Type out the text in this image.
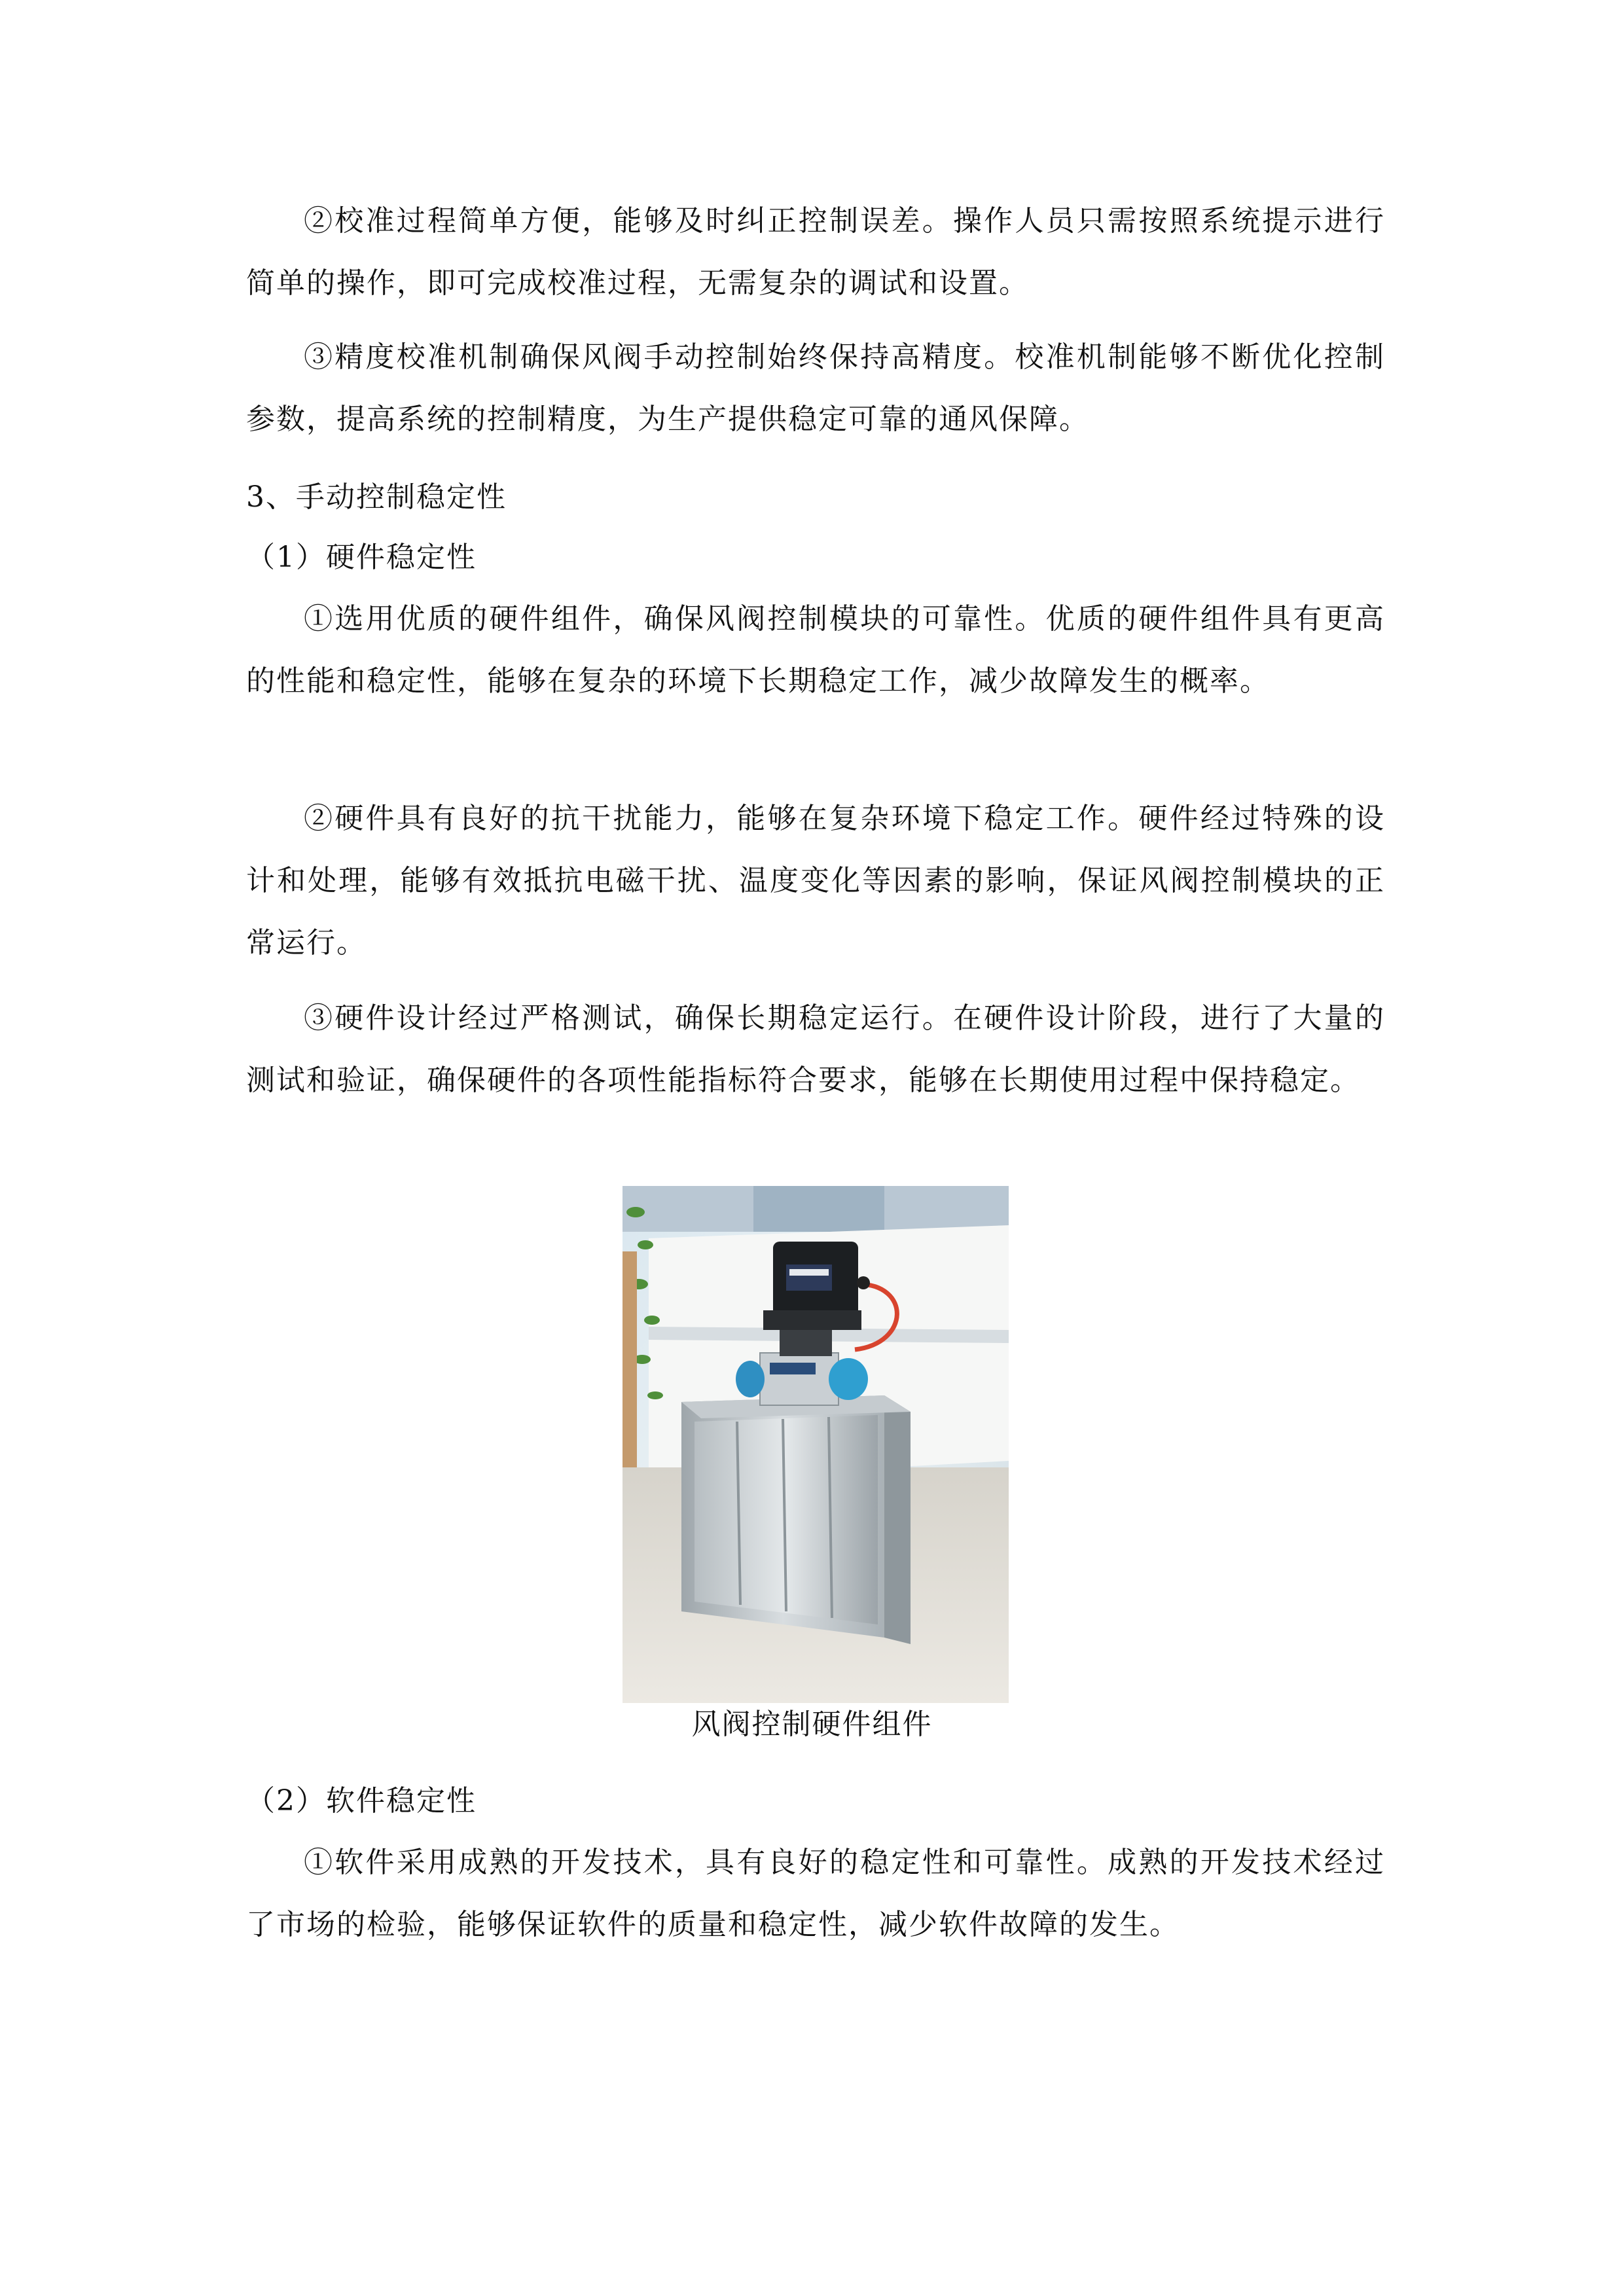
②校准过程简单方便，能够及时纠正控制误差。操作人员只需按照系统提示进行简单的操作，即可完成校准过程，无需复杂的调试和设置。

③精度校准机制确保风阀手动控制始终保持高精度。校准机制能够不断优化控制参数，提高系统的控制精度，为生产提供稳定可靠的通风保障。

3、手动控制稳定性

（1）硬件稳定性

①选用优质的硬件组件，确保风阀控制模块的可靠性。优质的硬件组件具有更高的性能和稳定性，能够在复杂的环境下长期稳定工作，减少故障发生的概率。

②硬件具有良好的抗干扰能力，能够在复杂环境下稳定工作。硬件经过特殊的设计和处理，能够有效抵抗电磁干扰、温度变化等因素的影响，保证风阀控制模块的正常运行。

③硬件设计经过严格测试，确保长期稳定运行。在硬件设计阶段，进行了大量的测试和验证，确保硬件的各项性能指标符合要求，能够在长期使用过程中保持稳定。

风阀控制硬件组件

（2）软件稳定性

①软件采用成熟的开发技术，具有良好的稳定性和可靠性。成熟的开发技术经过了市场的检验，能够保证软件的质量和稳定性，减少软件故障的发生。
